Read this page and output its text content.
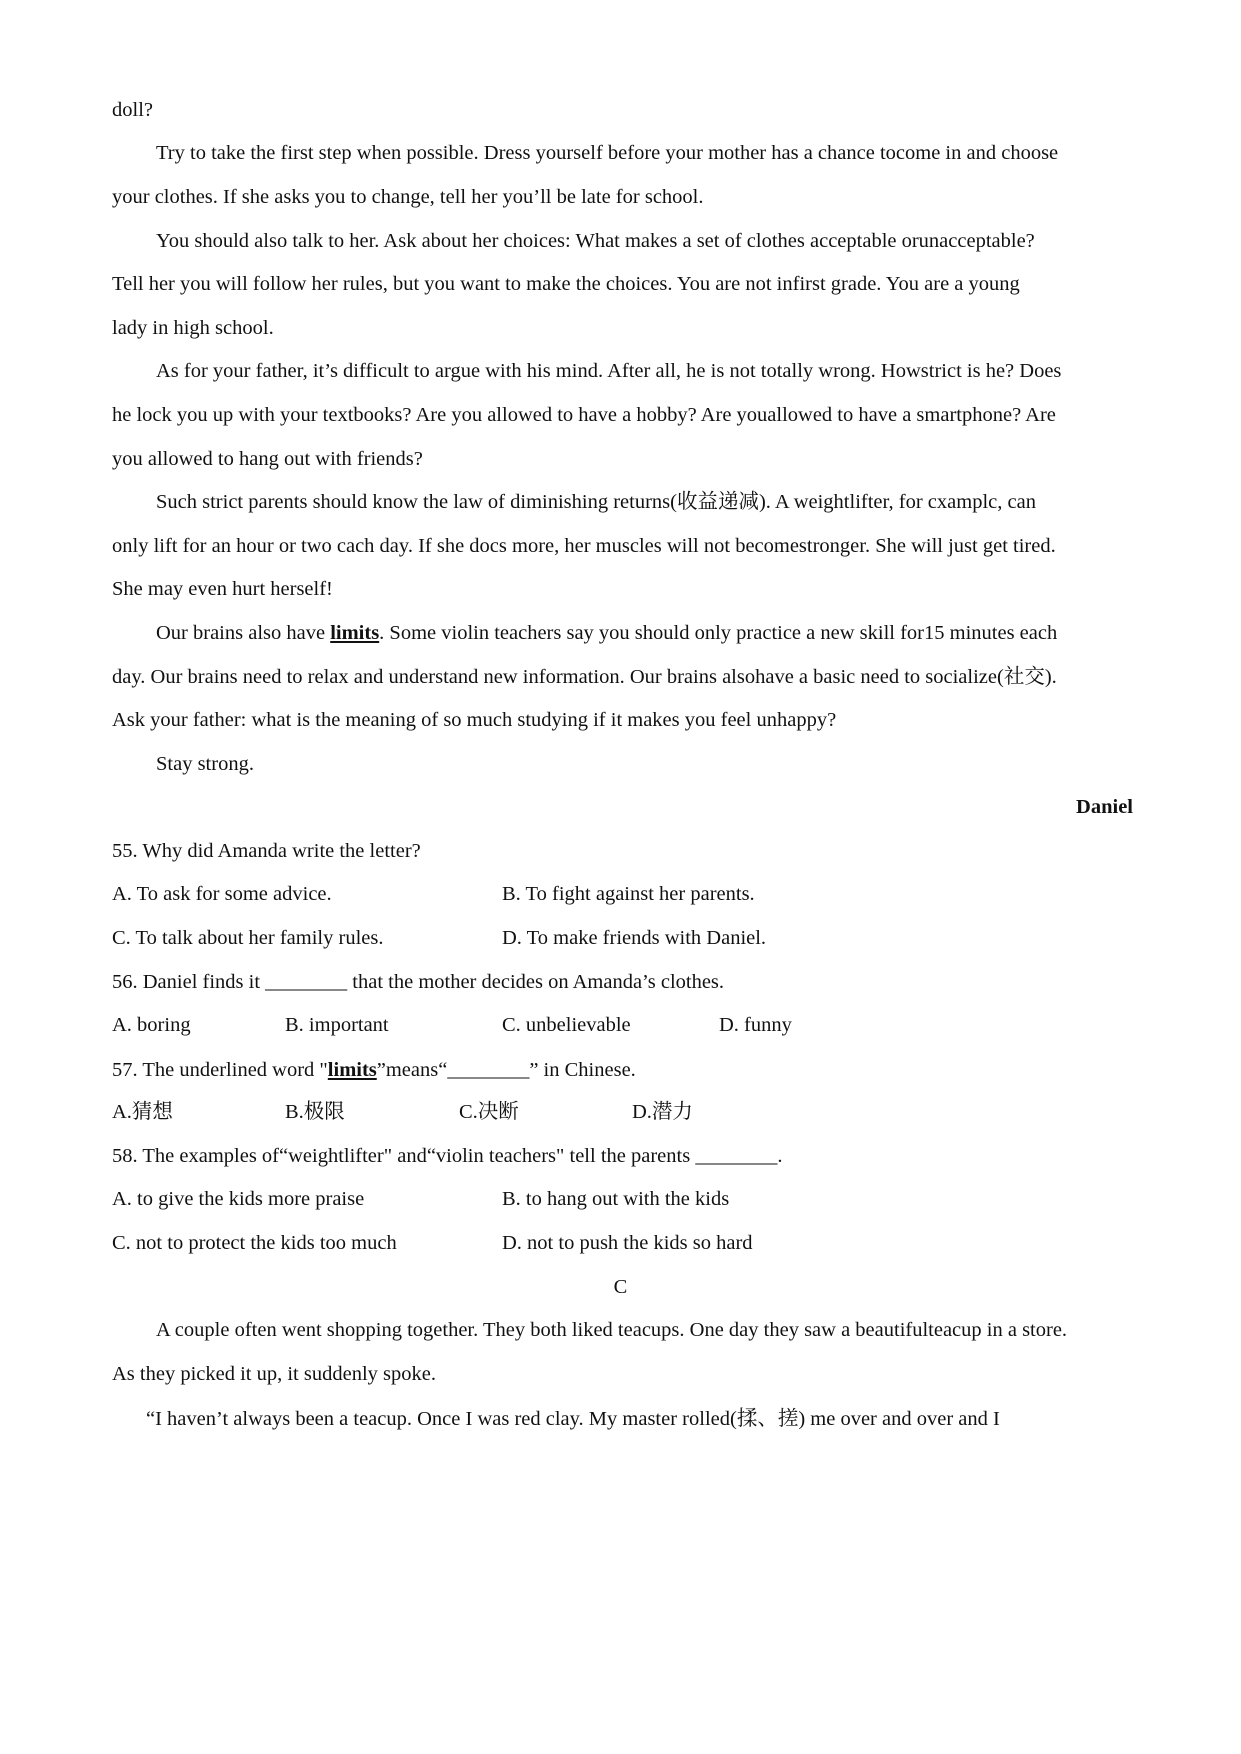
doll?
Try to take the first step when possible. Dress yourself before your mother has a chance tocome in and choose
your clothes. If she asks you to change, tell her you’ll be late for school.
You should also talk to her. Ask about her choices: What makes a set of clothes acceptable orunacceptable?
Tell her you will follow her rules, but you want to make the choices. You are not infirst grade. You are a young
lady in high school.
As for your father, it’s difficult to argue with his mind. After all, he is not totally wrong. Howstrict is he? Does
he lock you up with your textbooks? Are you allowed to have a hobby? Are youallowed to have a smartphone? Are
you allowed to hang out with friends?
Such strict parents should know the law of diminishing returns(收益递减). A weightlifter, for cxamplc, can
only lift for an hour or two cach day. If she docs more, her muscles will not becomestronger. She will just get tired.
She may even hurt herself!
Our brains also have limits. Some violin teachers say you should only practice a new skill for15 minutes each
day. Our brains need to relax and understand new information. Our brains alsohave a basic need to socialize(社交).
Ask your father: what is the meaning of so much studying if it makes you feel unhappy?
Stay strong.
Daniel
55. Why did Amanda write the letter?
A. To ask for some advice.	B. To fight against her parents.
C. To talk about her family rules.	D. To make friends with Daniel.
56. Daniel finds it ________ that the mother decides on Amanda’s clothes.
A. boring	B. important	C. unbelievable	D. funny
57. The underlined word "limits”means“________” in Chinese.
A.猜想	B.极限	C.决断	D.潜力
58. The examples of“weightlifter" and“violin teachers" tell the parents ________.
A. to give the kids more praise	B. to hang out with the kids
C. not to protect the kids too much	D. not to push the kids so hard
C
A couple often went shopping together. They both liked teacups. One day they saw a beautifulteacup in a store.
As they picked it up, it suddenly spoke.
“I haven’t always been a teacup. Once I was red clay. My master rolled(揉、搓) me over and over and I
